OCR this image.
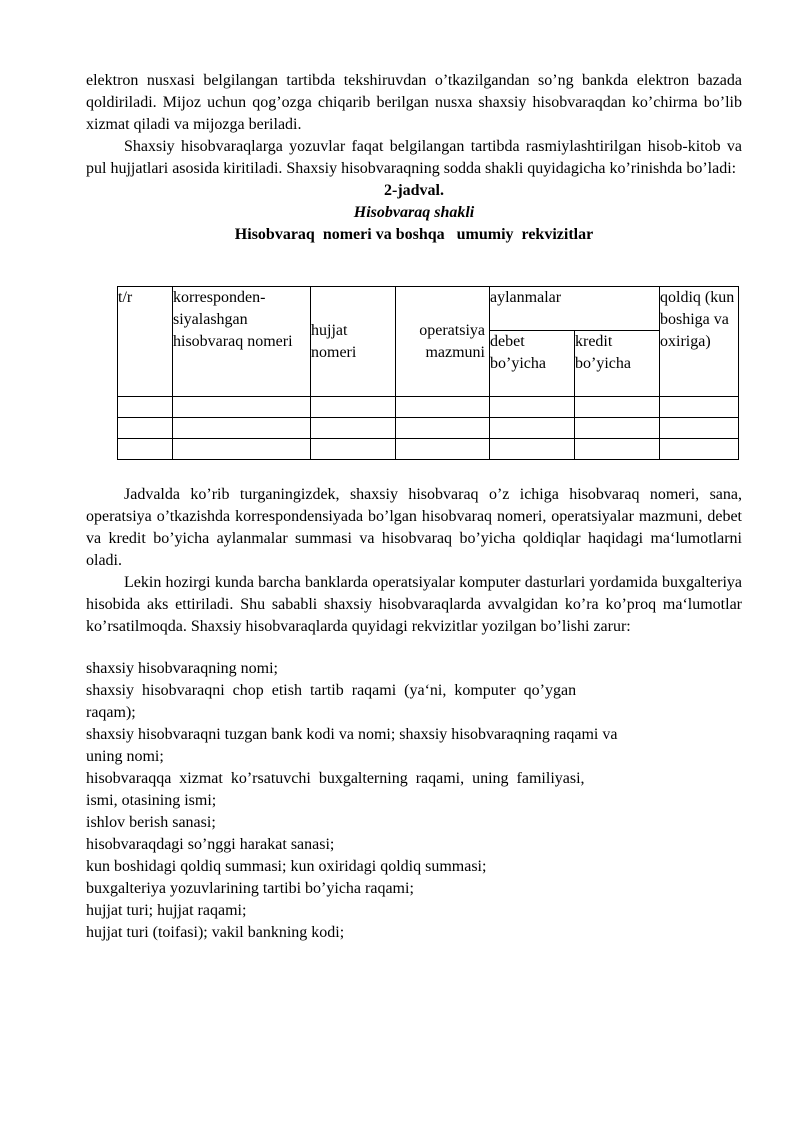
elektron nusxasi belgilangan tartibda tekshiruvdan o’tkazilgandan so’ng bankda elektron bazada qoldiriladi. Mijoz uchun qog’ozga chiqarib berilgan nusxa shaxsiy hisobvaraqdan ko’chirma bo’lib xizmat qiladi va mijozga beriladi.

Shaxsiy hisobvaraqlarga yozuvlar faqat belgilangan tartibda rasmiylashtirilgan hisob-kitob va pul hujjatlari asosida kiritiladi. Shaxsiy hisobvaraqning sodda shakli quyidagicha ko’rinishda bo’ladi:

2-jadval.
Hisobvaraq shakli
Hisobvaraq  nomeri va boshqa   umumiy  rekvizitlar
t/r	korresponden-siyalashgan hisobvaraq nomeri	hujjat nomeri	operatsiya mazmuni	aylanmalar		qoldiq (kun boshiga va oxiriga)
				debet bo’yicha	kredit bo’yicha	

Jadvalda ko’rib turganingizdek, shaxsiy hisobvaraq o’z ichiga hisobvaraq nomeri, sana, operatsiya o’tkazishda korrespondensiyada bo’lgan hisobvaraq nomeri, operatsiyalar mazmuni, debet va kredit bo’yicha aylanmalar summasi va hisobvaraq bo’yicha qoldiqlar haqidagi ma‘lumotlarni oladi.

Lekin hozirgi kunda barcha banklarda operatsiyalar komputer dasturlari yordamida buxgalteriya hisobida aks ettiriladi. Shu sababli shaxsiy hisobvaraqlarda avvalgidan ko’ra ko’proq ma‘lumotlar ko’rsatilmoqda. Shaxsiy hisobvaraqlarda quyidagi rekvizitlar yozilgan bo’lishi zarur:

shaxsiy hisobvaraqning nomi;
shaxsiy  hisobvaraqni  chop  etish  tartib  raqami  (ya‘ni,  komputer  qo’ygan
raqam);
shaxsiy hisobvaraqni tuzgan bank kodi va nomi; shaxsiy hisobvaraqning raqami va
uning nomi;
hisobvaraqqa  xizmat  ko’rsatuvchi  buxgalterning  raqami,  uning  familiyasi,
ismi, otasining ismi;
ishlov berish sanasi;
hisobvaraqdagi so’nggi harakat sanasi;
kun boshidagi qoldiq summasi; kun oxiridagi qoldiq summasi;
buxgalteriya yozuvlarining tartibi bo’yicha raqami;
hujjat turi; hujjat raqami;
hujjat turi (toifasi); vakil bankning kodi;
